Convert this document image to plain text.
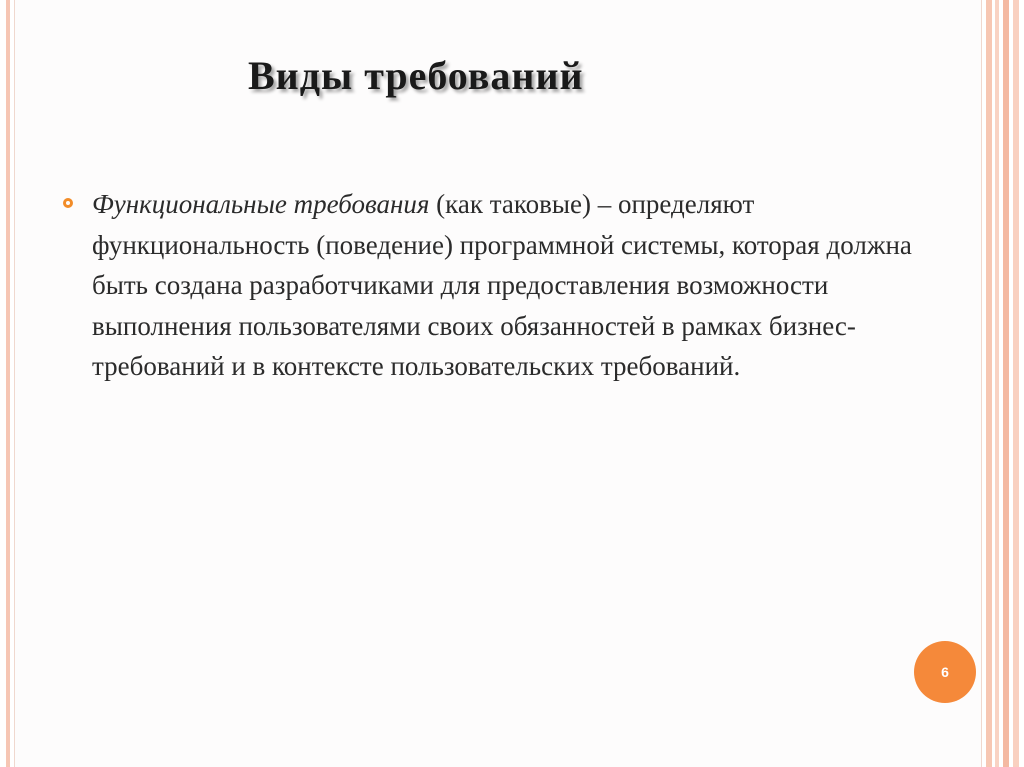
Виды требований

Функциональные требования (как таковые) – определяют функциональность (поведение) программной системы, которая должна быть создана разработчиками для предоставления возможности выполнения пользователями своих обязанностей в рамках бизнес-требований и в контексте пользовательских требований.

6
